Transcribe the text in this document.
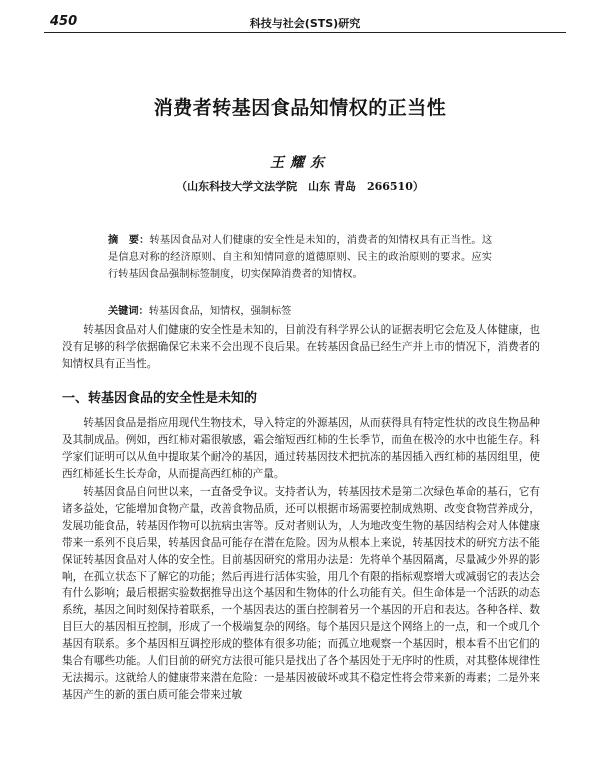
450	科技与社会(STS)研究
消费者转基因食品知情权的正当性
王耀东
（山东科技大学文法学院　山东 青岛　266510）
摘　要：转基因食品对人们健康的安全性是未知的，消费者的知情权具有正当性。这是信息对称的经济原则、自主和知情同意的道德原则、民主的政治原则的要求。应实行转基因食品强制标签制度，切实保障消费者的知情权。
关键词：转基因食品，知情权，强制标签
转基因食品对人们健康的安全性是未知的，目前没有科学界公认的证据表明它会危及人体健康，也没有足够的科学依据确保它未来不会出现不良后果。在转基因食品已经生产并上市的情况下，消费者的知情权具有正当性。
一、转基因食品的安全性是未知的
转基因食品是指应用现代生物技术，导入特定的外源基因，从而获得具有特定性状的改良生物品种及其制成品。例如，西红柿对霜很敏感，霜会缩短西红柿的生长季节，而鱼在极冷的水中也能生存。科学家们证明可以从鱼中提取某个耐冷的基因，通过转基因技术把抗冻的基因插入西红柿的基因组里，使西红柿延长生长寿命，从而提高西红柿的产量。
转基因食品自问世以来，一直备受争议。支持者认为，转基因技术是第二次绿色革命的基石，它有诸多益处，它能增加食物产量，改善食物品质，还可以根据市场需要控制成熟期、改变食物营养成分，发展功能食品，转基因作物可以抗病虫害等。反对者则认为，人为地改变生物的基因结构会对人体健康带来一系列不良后果，转基因食品可能存在潜在危险。因为从根本上来说，转基因技术的研究方法不能保证转基因食品对人体的安全性。目前基因研究的常用办法是：先将单个基因隔离，尽量减少外界的影响，在孤立状态下了解它的功能；然后再进行活体实验，用几个有限的指标观察增大或减弱它的表达会有什么影响；最后根据实验数据推导出这个基因和生物体的什么功能有关。但生命体是一个活跃的动态系统，基因之间时刻保持着联系，一个基因表达的蛋白控制着另一个基因的开启和表达。各种各样、数目巨大的基因相互控制，形成了一个极端复杂的网络。每个基因只是这个网络上的一点，和一个或几个基因有联系。多个基因相互调控形成的整体有很多功能；而孤立地观察一个基因时，根本看不出它们的集合有哪些功能。人们目前的研究方法很可能只是找出了各个基因处于无序时的性质，对其整体规律性无法揭示。这就给人的健康带来潜在危险：一是基因被破坏或其不稳定性将会带来新的毒素；二是外来基因产生的新的蛋白质可能会带来过敏
